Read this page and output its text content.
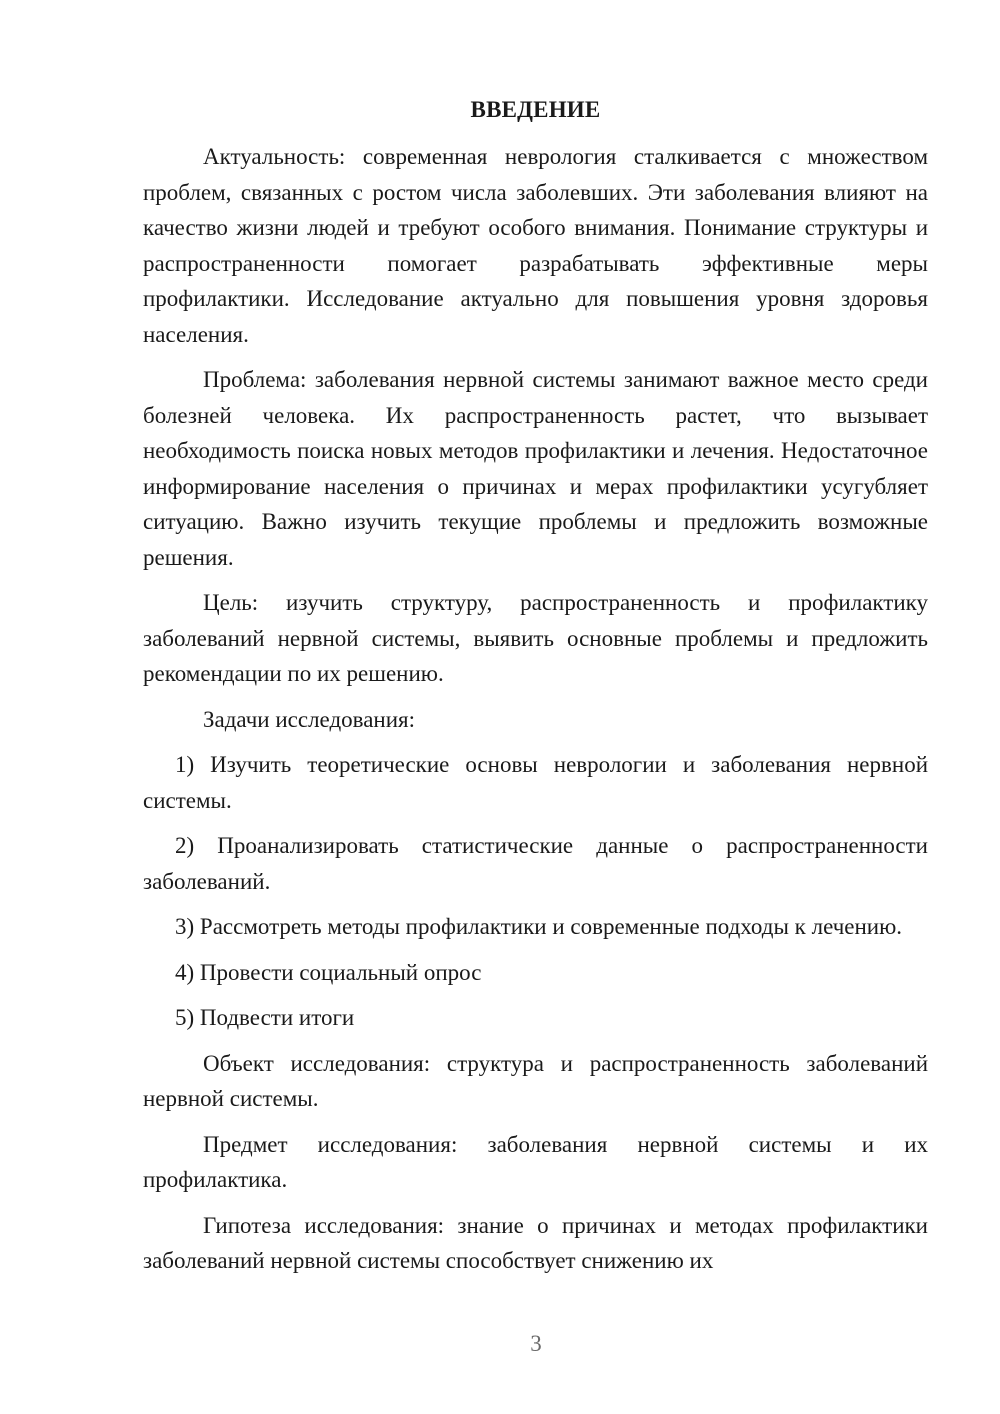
ВВЕДЕНИЕ

Актуальность: современная неврология сталкивается с множеством проблем, связанных с ростом числа заболевших. Эти заболевания влияют на качество жизни людей и требуют особого внимания. Понимание структуры и распространенности помогает разрабатывать эффективные меры профилактики. Исследование актуально для повышения уровня здоровья населения.

Проблема: заболевания нервной системы занимают важное место среди болезней человека. Их распространенность растет, что вызывает необходимость поиска новых методов профилактики и лечения. Недостаточное информирование населения о причинах и мерах профилактики усугубляет ситуацию. Важно изучить текущие проблемы и предложить возможные решения.

Цель: изучить структуру, распространенность и профилактику заболеваний нервной системы, выявить основные проблемы и предложить рекомендации по их решению.

Задачи исследования:

1) Изучить теоретические основы неврологии и заболевания нервной системы.

2) Проанализировать статистические данные о распространенности заболеваний.

3) Рассмотреть методы профилактики и современные подходы к лечению.

4) Провести социальный опрос

5) Подвести итоги

Объект исследования: структура и распространенность заболеваний нервной системы.

Предмет исследования: заболевания нервной системы и их профилактика.

Гипотеза исследования: знание о причинах и методах профилактики заболеваний нервной системы способствует снижению их

3
